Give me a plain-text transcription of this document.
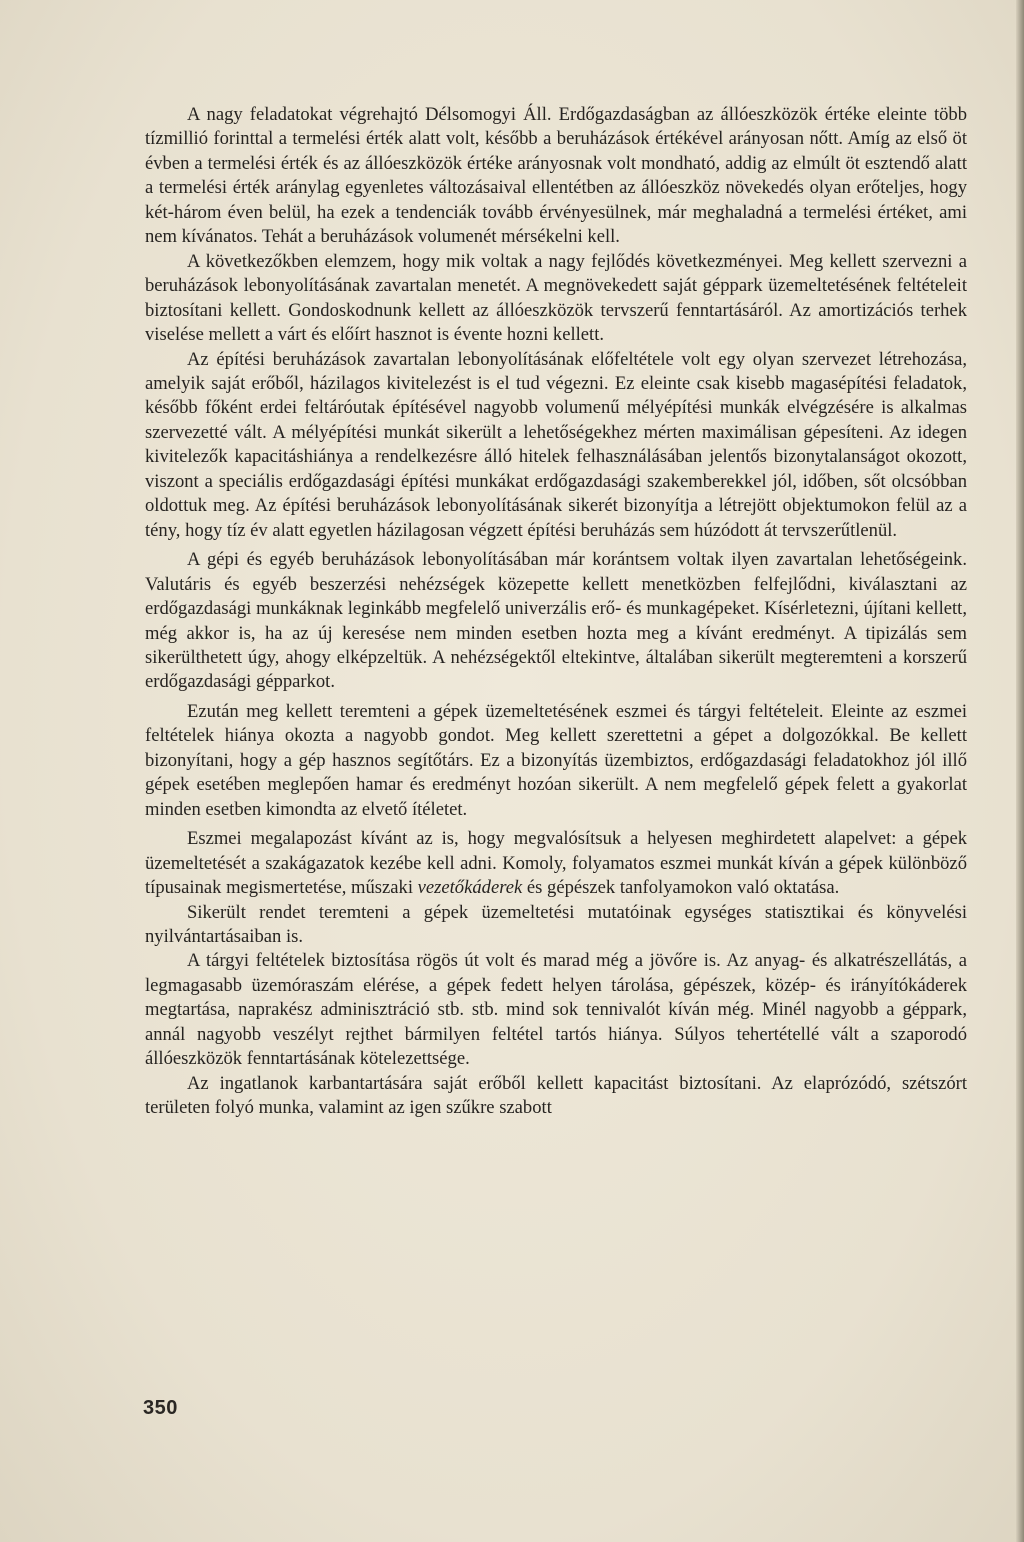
A nagy feladatokat végrehajtó Délsomogyi Áll. Erdőgazdaságban az állóeszközök értéke eleinte több tízmillió forinttal a termelési érték alatt volt, később a beruházások értékével arányosan nőtt. Amíg az első öt évben a termelési érték és az állóeszközök értéke arányosnak volt mondható, addig az elmúlt öt esztendő alatt a termelési érték aránylag egyenletes változásaival ellentétben az állóeszköz növekedés olyan erőteljes, hogy két-három éven belül, ha ezek a tendenciák tovább érvényesülnek, már meghaladná a termelési értéket, ami nem kívánatos. Tehát a beruházások volumenét mérsékelni kell.

A következőkben elemzem, hogy mik voltak a nagy fejlődés következményei. Meg kellett szervezni a beruházások lebonyolításának zavartalan menetét. A megnövekedett saját géppark üzemeltetésének feltételeit biztosítani kellett. Gondoskodnunk kellett az állóeszközök tervszerű fenntartásáról. Az amortizációs terhek viselése mellett a várt és előírt hasznot is évente hozni kellett.

Az építési beruházások zavartalan lebonyolításának előfeltétele volt egy olyan szervezet létrehozása, amelyik saját erőből, házilagos kivitelezést is el tud végezni. Ez eleinte csak kisebb magasépítési feladatok, később főként erdei feltáróutak építésével nagyobb volumenű mélyépítési munkák elvégzésére is alkalmas szervezetté vált. A mélyépítési munkát sikerült a lehetőségekhez mérten maximálisan gépesíteni. Az idegen kivitelezők kapacitáshiánya a rendelkezésre álló hitelek felhasználásában jelentős bizonytalanságot okozott, viszont a speciális erdőgazdasági építési munkákat erdőgazdasági szakemberekkel jól, időben, sőt olcsóbban oldottuk meg. Az építési beruházások lebonyolításának sikerét bizonyítja a létrejött objektumokon felül az a tény, hogy tíz év alatt egyetlen házilagosan végzett építési beruházás sem húzódott át tervszerűtlenül.

A gépi és egyéb beruházások lebonyolításában már korántsem voltak ilyen zavartalan lehetőségeink. Valutáris és egyéb beszerzési nehézségek közepette kellett menetközben felfejlődni, kiválasztani az erdőgazdasági munkáknak leginkább megfelelő univerzális erő- és munkagépeket. Kísérletezni, újítani kellett, még akkor is, ha az új keresése nem minden esetben hozta meg a kívánt eredményt. A tipizálás sem sikerülthetett úgy, ahogy elképzeltük. A nehézségektől eltekintve, általában sikerült megteremteni a korszerű erdőgazdasági gépparkot.

Ezután meg kellett teremteni a gépek üzemeltetésének eszmei és tárgyi feltételeit. Eleinte az eszmei feltételek hiánya okozta a nagyobb gondot. Meg kellett szerettetni a gépet a dolgozókkal. Be kellett bizonyítani, hogy a gép hasznos segítőtárs. Ez a bizonyítás üzembiztos, erdőgazdasági feladatokhoz jól illő gépek esetében meglepően hamar és eredményt hozóan sikerült. A nem megfelelő gépek felett a gyakorlat minden esetben kimondta az elvető ítéletet.

Eszmei megalapozást kívánt az is, hogy megvalósítsuk a helyesen meghirdetett alapelvet: a gépek üzemeltetését a szakágazatok kezébe kell adni. Komoly, folyamatos eszmei munkát kíván a gépek különböző típusainak megismertetése, műszaki vezetőkáderek és gépészek tanfolyamokon való oktatása.

Sikerült rendet teremteni a gépek üzemeltetési mutatóinak egységes statisztikai és könyvelési nyilvántartásaiban is.

A tárgyi feltételek biztosítása rögös út volt és marad még a jövőre is. Az anyag- és alkatrészellátás, a legmagasabb üzemóraszám elérése, a gépek fedett helyen tárolása, gépészek, közép- és irányítókáderek megtartása, naprakész adminisztráció stb. stb. mind sok tennivalót kíván még. Minél nagyobb a géppark, annál nagyobb veszélyt rejthet bármilyen feltétel tartós hiánya. Súlyos tehertétellé vált a szaporodó állóeszközök fenntartásának kötelezettsége.

Az ingatlanok karbantartására saját erőből kellett kapacitást biztosítani. Az elaprózódó, szétszórt területen folyó munka, valamint az igen szűkre szabott

350
